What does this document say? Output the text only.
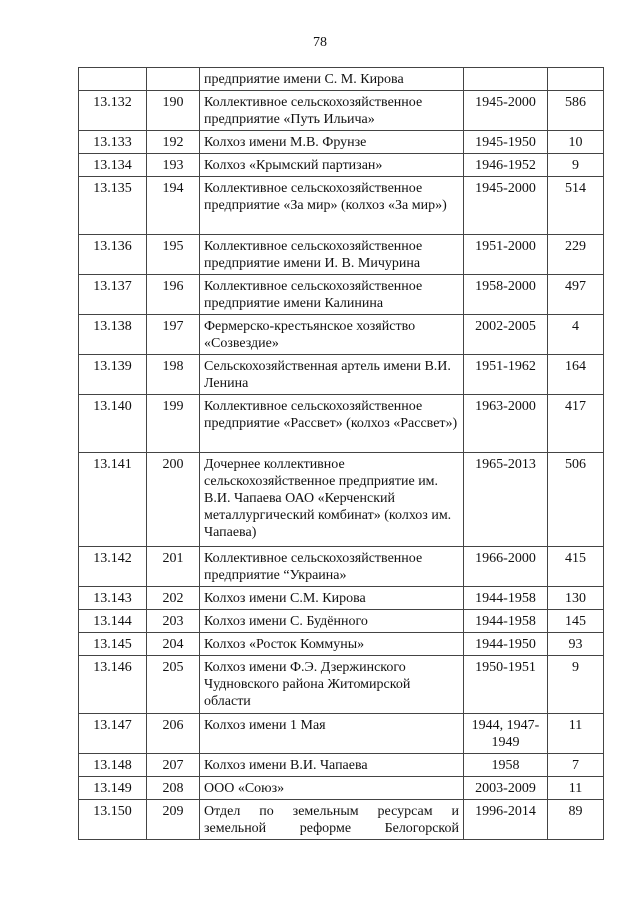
78
		предприятие имени С. М. Кирова		
13.132	190	Коллективное сельскохозяйственное предприятие «Путь Ильича»	1945-2000	586
13.133	192	Колхоз имени М.В. Фрунзе	1945-1950	10
13.134	193	Колхоз «Крымский партизан»	1946-1952	9
13.135	194	Коллективное сельскохозяйственное предприятие «За мир» (колхоз «За мир»)	1945-2000	514
13.136	195	Коллективное сельскохозяйственное предприятие имени И. В. Мичурина	1951-2000	229
13.137	196	Коллективное сельскохозяйственное предприятие имени Калинина	1958-2000	497
13.138	197	Фермерско-крестьянское хозяйство «Созвездие»	2002-2005	4
13.139	198	Сельскохозяйственная артель имени В.И. Ленина	1951-1962	164
13.140	199	Коллективное сельскохозяйственное предприятие «Рассвет» (колхоз «Рассвет»)	1963-2000	417
13.141	200	Дочернее коллективное сельскохозяйственное предприятие им. В.И. Чапаева ОАО «Керченский металлургический комбинат» (колхоз им. Чапаева)	1965-2013	506
13.142	201	Коллективное сельскохозяйственное предприятие “Украина»	1966-2000	415
13.143	202	Колхоз имени С.М. Кирова	1944-1958	130
13.144	203	Колхоз имени С. Будённого	1944-1958	145
13.145	204	Колхоз «Росток Коммуны»	1944-1950	93
13.146	205	Колхоз имени Ф.Э. Дзержинского Чудновского района Житомирской области	1950-1951	9
13.147	206	Колхоз имени 1 Мая	1944, 1947-1949	11
13.148	207	Колхоз имени В.И. Чапаева	1958	7
13.149	208	ООО «Союз»	2003-2009	11
13.150	209	Отдел по земельным ресурсам и земельной реформе Белогорской	1996-2014	89
